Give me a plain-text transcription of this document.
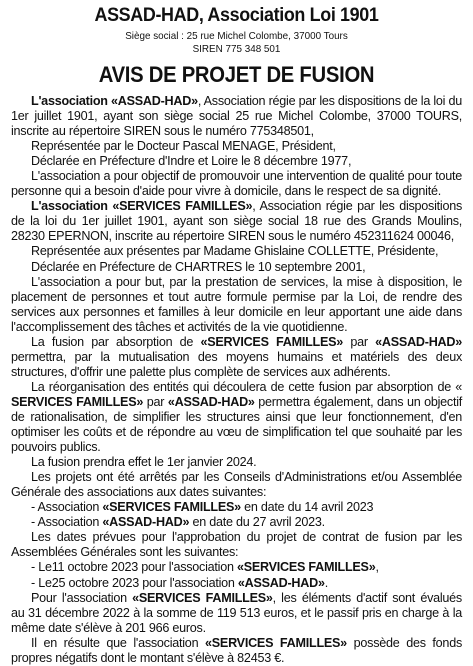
ASSAD-HAD, Association Loi 1901
Siège social : 25 rue Michel Colombe, 37000 Tours
SIREN 775 348 501
AVIS DE PROJET DE FUSION

L'association «ASSAD-HAD», Association régie par les dispositions de la loi du 1er juillet 1901, ayant son siège social 25 rue Michel Colombe, 37000 TOURS, inscrite au répertoire SIREN sous le numéro 775348501,

Représentée par le Docteur Pascal MENAGE, Président,

Déclarée en Préfecture d'Indre et Loire le 8 décembre 1977,

L'association a pour objectif de promouvoir une intervention de qualité pour toute personne qui a besoin d'aide pour vivre à domicile, dans le respect de sa dignité.

L'association «SERVICES FAMILLES», Association régie par les dispositions de la loi du 1er juillet 1901, ayant son siège social 18 rue des Grands Moulins, 28230 EPERNON, inscrite au répertoire SIREN sous le numéro 452311624 00046,

Représentée aux présentes par Madame Ghislaine COLLETTE, Présidente,

Déclarée en Préfecture de CHARTRES le 10 septembre 2001,

L'association a pour but, par la prestation de services, la mise à disposition, le placement de personnes et tout autre formule permise par la Loi, de rendre des services aux personnes et familles à leur domicile en leur apportant une aide dans l'accomplissement des tâches et activités de la vie quotidienne.

La fusion par absorption de «SERVICES FAMILLES» par «ASSAD-HAD» permettra, par la mutualisation des moyens humains et matériels des deux structures, d'offrir une palette plus complète de services aux adhérents.

La réorganisation des entités qui découlera de cette fusion par absorption de « SERVICES FAMILLES» par «ASSAD-HAD» permettra également, dans un objectif de rationalisation, de simplifier les structures ainsi que leur fonctionnement, d'en optimiser les coûts et de répondre au vœu de simplification tel que souhaité par les pouvoirs publics.

La fusion prendra effet le 1er janvier 2024.

Les projets ont été arrêtés par les Conseils d'Administrations et/ou Assemblée Générale des associations aux dates suivantes:

- Association «SERVICES FAMILLES» en date du 14 avril 2023

- Association «ASSAD-HAD» en date du 27 avril 2023.

Les dates prévues pour l'approbation du projet de contrat de fusion par les Assemblées Générales sont les suivantes:

- Le11 octobre 2023 pour l'association «SERVICES FAMILLES»,

- Le25 octobre 2023 pour l'association «ASSAD-HAD».

Pour l'association «SERVICES FAMILLES», les éléments d'actif sont évalués au 31 décembre 2022 à la somme de 119 513 euros, et le passif pris en charge à la même date s'élève à 201 966 euros.

Il en résulte que l'association «SERVICES FAMILLES» possède des fonds propres négatifs dont le montant s'élève à 82453 €.
